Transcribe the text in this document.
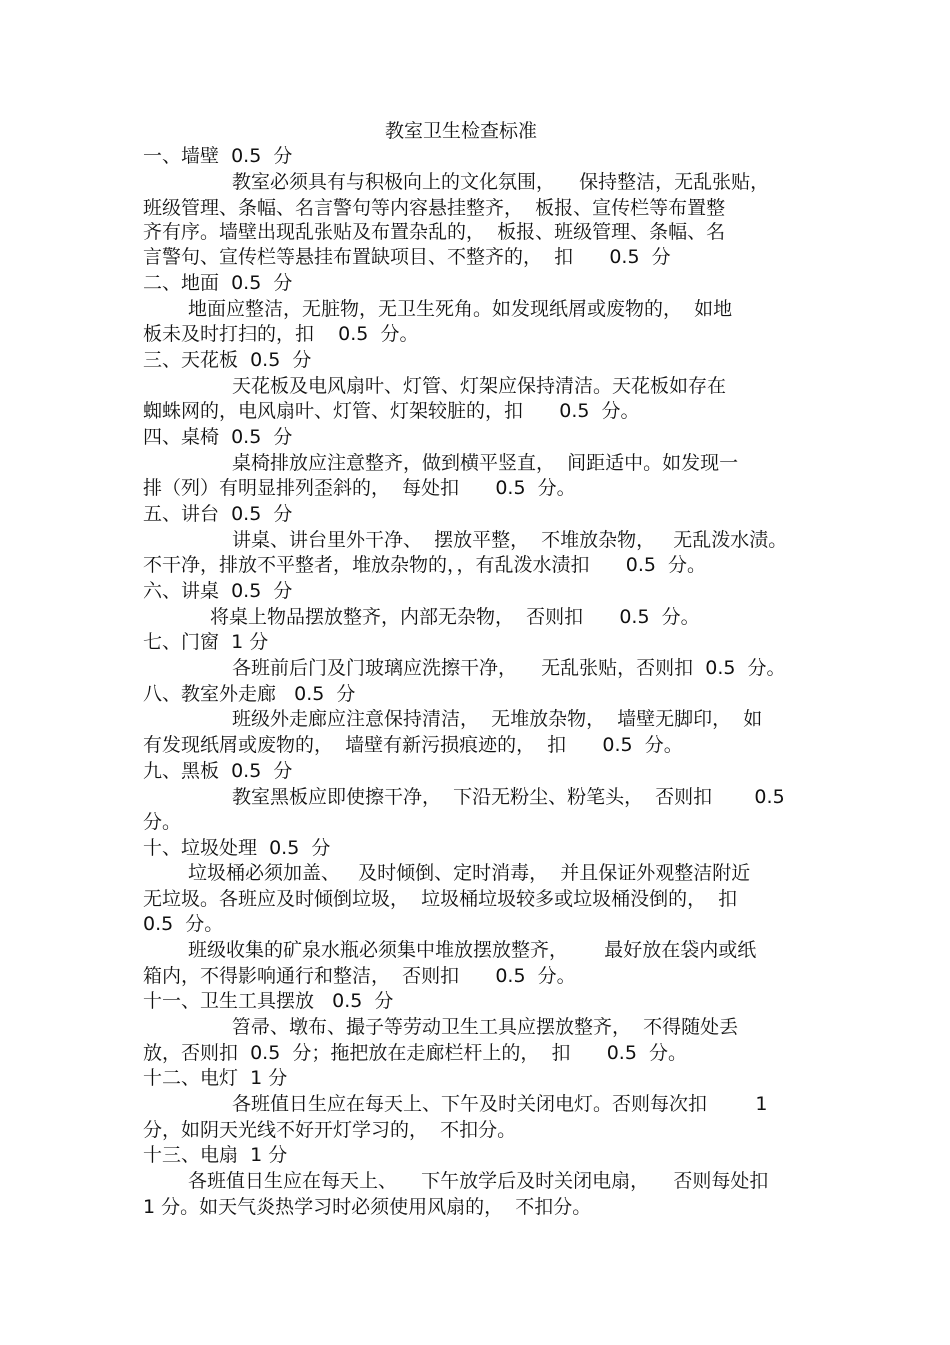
教室卫生检查标准
一、墙壁  0.5  分
教室必须具有与积极向上的文化氛围，    保持整洁，无乱张贴，
班级管理、条幅、名言警句等内容悬挂整齐，  板报、宣传栏等布置整
齐有序。墙壁出现乱张贴及布置杂乱的，  板报、班级管理、条幅、名
言警句、宣传栏等悬挂布置缺项目、不整齐的，  扣      0.5  分
二、地面  0.5  分
地面应整洁，无脏物，无卫生死角。如发现纸屑或废物的，  如地
板未及时打扫的，扣    0.5  分。
三、天花板  0.5  分
天花板及电风扇叶、灯管、灯架应保持清洁。天花板如存在
蜘蛛网的，电风扇叶、灯管、灯架较脏的，扣      0.5  分。
四、桌椅  0.5  分
桌椅排放应注意整齐，做到横平竖直，  间距适中。如发现一
排（列）有明显排列歪斜的，  每处扣      0.5  分。
五、讲台  0.5  分
讲桌、讲台里外干净、  摆放平整，  不堆放杂物，   无乱泼水渍。
不干净，排放不平整者，堆放杂物的，，有乱泼水渍扣      0.5  分。
六、讲桌  0.5  分
将桌上物品摆放整齐，内部无杂物，  否则扣      0.5  分。
七、门窗  1 分
各班前后门及门玻璃应洗擦干净，    无乱张贴，否则扣  0.5  分。
八、教室外走廊   0.5  分
班级外走廊应注意保持清洁，  无堆放杂物，  墙壁无脚印，  如
有发现纸屑或废物的，  墙壁有新污损痕迹的，  扣      0.5  分。
九、黑板  0.5  分
教室黑板应即使擦干净，  下沿无粉尘、粉笔头，  否则扣       0.5
分。
十、垃圾处理  0.5  分
垃圾桶必须加盖、   及时倾倒、定时消毒，  并且保证外观整洁附近
无垃圾。各班应及时倾倒垃圾，  垃圾桶垃圾较多或垃圾桶没倒的，  扣
0.5  分。
班级收集的矿泉水瓶必须集中堆放摆放整齐，      最好放在袋内或纸
箱内，不得影响通行和整洁，  否则扣      0.5  分。
十一、卫生工具摆放   0.5  分
笤帚、墩布、撮子等劳动卫生工具应摆放整齐，  不得随处丢
放，否则扣  0.5  分；拖把放在走廊栏杆上的，  扣      0.5  分。
十二、电灯  1 分
各班值日生应在每天上、下午及时关闭电灯。否则每次扣        1
分，如阴天光线不好开灯学习的，  不扣分。
十三、电扇  1 分
各班值日生应在每天上、    下午放学后及时关闭电扇，    否则每处扣
1 分。如天气炎热学习时必须使用风扇的，  不扣分。
